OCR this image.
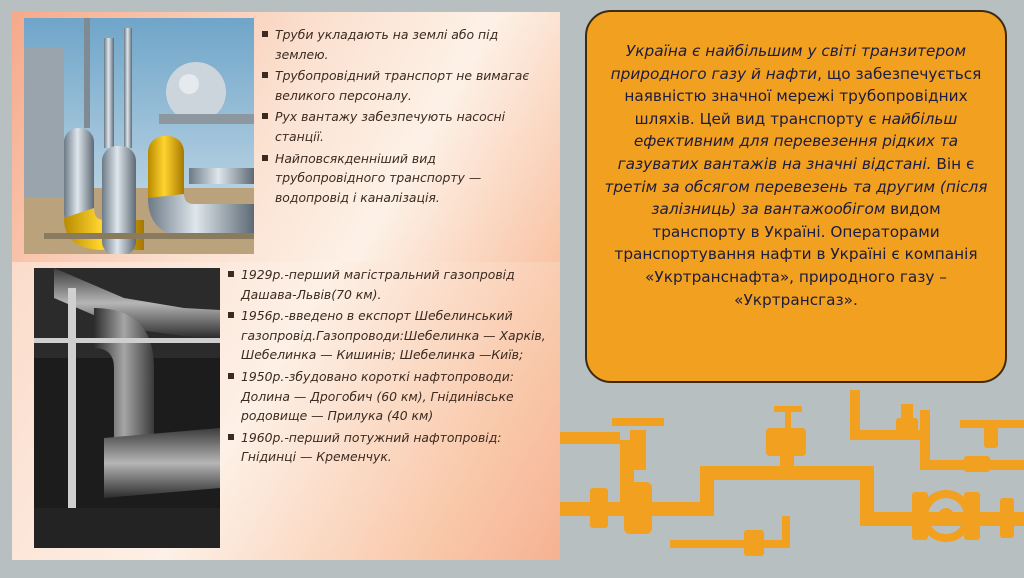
Труби укладають на землі або під землею.
Трубопровідний транспорт не вимагає великого персоналу.
Рух вантажу забезпечують насосні станції.
Найповсякденніший вид трубопровідного транспорту — водопровід і каналізація.
1929р.-перший магістральний газопровід Дашава-Львів(70 км).
1956р.-введено в експорт Шебелинський газопровід.Газопроводи:Шебелинка — Харків, Шебелинка — Кишинів; Шебелинка —Київ;
1950р.-збудовано короткі нафтопроводи: Долина — Дрогобич (60 км), Гнідинівське родовище — Прилука (40 км)
1960р.-перший потужний нафтопровід: Гнідинці — Кременчук.
Україна є найбільшим у світі транзитером природного газу й нафти, що забезпечується наявністю значної мережі трубопровідних шляхів. Цей вид транспорту є найбільш ефективним для перевезення рідких та газуватих вантажів на значні відстані. Він є третім за обсягом перевезень та другим (після залізниць) за вантажообігом видом транспорту в Україні. Операторами транспортування нафти в Україні є компанія «Укртранснафта», природного газу – «Укртрансгаз».
